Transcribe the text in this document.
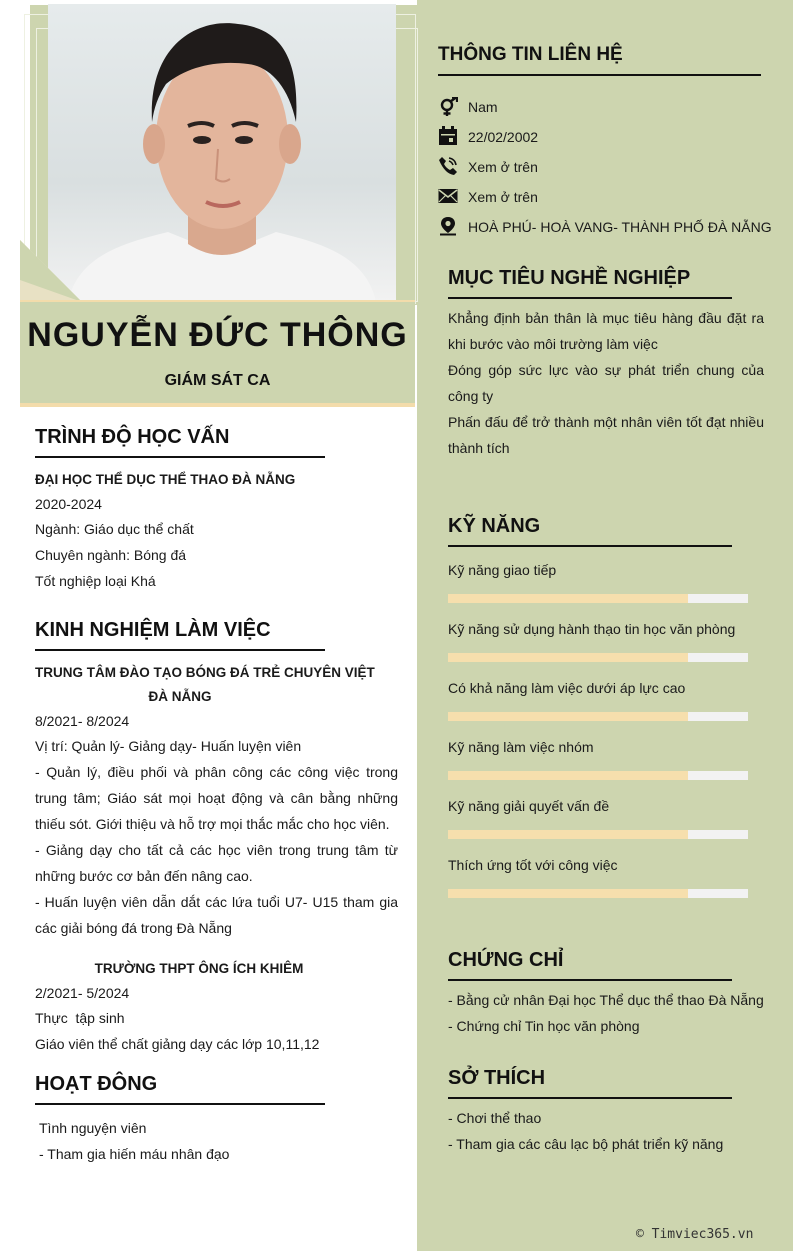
NGUYỄN ĐỨC THÔNG
GIÁM SÁT CA
TRÌNH ĐỘ HỌC VẤN
ĐẠI HỌC THỂ DỤC THỂ THAO ĐÀ NẴNG
2020-2024
Ngành: Giáo dục thể chất
Chuyên ngành: Bóng đá
Tốt nghiệp loại Khá
KINH NGHIỆM LÀM VIỆC
TRUNG TÂM ĐÀO TẠO BÓNG ĐÁ TRẺ CHUYÊN VIỆT
ĐÀ NẴNG
8/2021- 8/2024
Vị trí: Quản lý- Giảng dạy- Huấn luyện viên

- Quản lý, điều phối và phân công các công việc trong trung tâm; Giáo sát mọi hoạt động và cân bằng những thiếu sót. Giới thiệu và hỗ trợ mọi thắc mắc cho học viên.

- Giảng dạy cho tất cả các học viên trong trung tâm từ những bước cơ bản đến nâng cao.

- Huấn luyện viên dẫn dắt các lứa tuổi U7- U15 tham gia các giải bóng đá trong Đà Nẵng

TRƯỜNG THPT ÔNG ÍCH KHIÊM
2/2021- 5/2024
Thực  tập sinh
Giáo viên thể chất giảng dạy các lớp 10,11,12
HOẠT ĐÔNG
Tình nguyện viên
- Tham gia hiến máu nhân đạo
THÔNG TIN LIÊN HỆ
Nam
22/02/2002
Xem ở trên
Xem ở trên
HOÀ PHÚ- HOÀ VANG- THÀNH PHỐ ĐÀ NẴNG
MỤC TIÊU NGHỀ NGHIỆP

Khẳng định bản thân là mục tiêu hàng đầu đặt ra khi bước vào môi trường làm việc

Đóng góp sức lực vào sự phát triển chung của công ty

Phấn đấu để trở thành một nhân viên tốt đạt nhiều thành tích

KỸ NĂNG
Kỹ năng giao tiếp
Kỹ năng sử dụng hành thạo tin học văn phòng
Có khả năng làm việc dưới áp lực cao
Kỹ năng làm việc nhóm
Kỹ năng giải quyết vấn đề
Thích ứng tốt với công việc
CHỨNG CHỈ
- Bằng cử nhân Đại học Thể dục thể thao Đà Nẵng
- Chứng chỉ Tin học văn phòng
SỞ THÍCH
- Chơi thể thao
- Tham gia các câu lạc bộ phát triển kỹ năng
© Timviec365.vn
